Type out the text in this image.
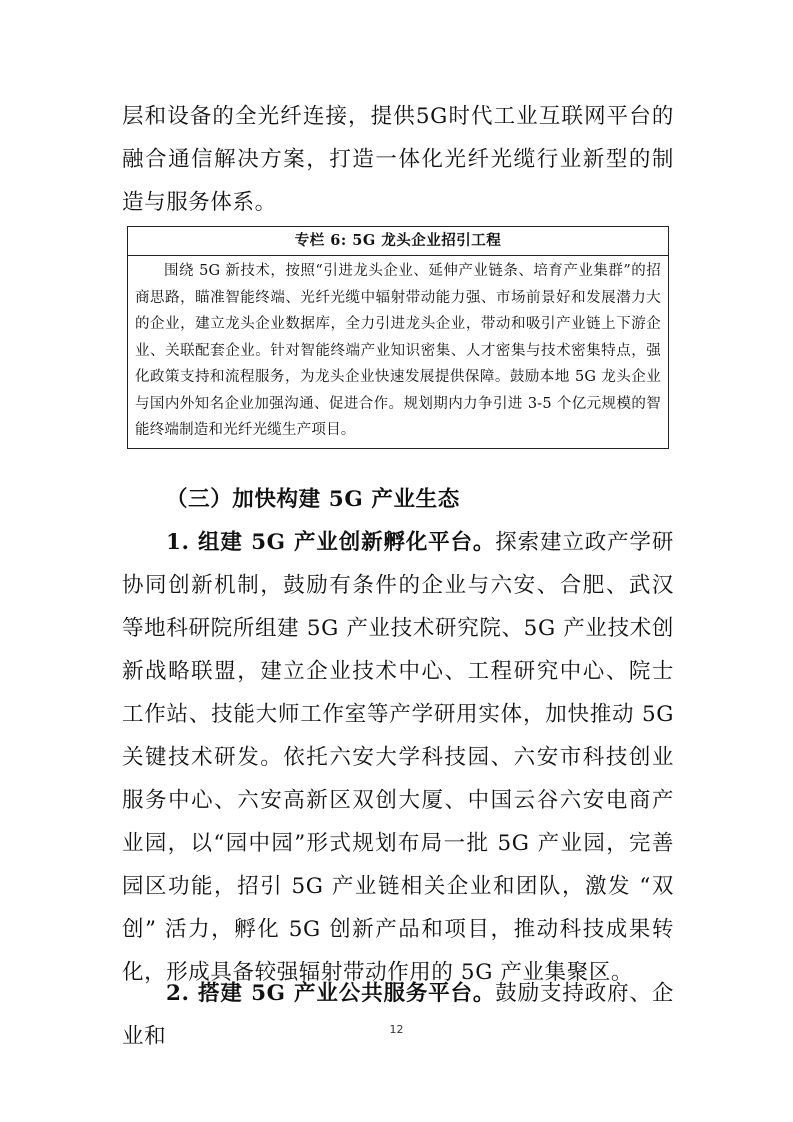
层和设备的全光纤连接，提供5G时代工业互联网平台的融合通信解决方案，打造一体化光纤光缆行业新型的制造与服务体系。
专栏 6: 5G 龙头企业招引工程
围绕 5G 新技术，按照“引进龙头企业、延伸产业链条、培育产业集群”的招商思路，瞄准智能终端、光纤光缆中辐射带动能力强、市场前景好和发展潜力大的企业，建立龙头企业数据库，全力引进龙头企业，带动和吸引产业链上下游企业、关联配套企业。针对智能终端产业知识密集、人才密集与技术密集特点，强化政策支持和流程服务，为龙头企业快速发展提供保障。鼓励本地 5G 龙头企业与国内外知名企业加强沟通、促进合作。规划期内力争引进 3-5 个亿元规模的智能终端制造和光纤光缆生产项目。
（三）加快构建 5G 产业生态
1. 组建 5G 产业创新孵化平台。探索建立政产学研协同创新机制，鼓励有条件的企业与六安、合肥、武汉等地科研院所组建 5G 产业技术研究院、5G 产业技术创新战略联盟，建立企业技术中心、工程研究中心、院士工作站、技能大师工作室等产学研用实体，加快推动 5G 关键技术研发。依托六安大学科技园、六安市科技创业服务中心、六安高新区双创大厦、中国云谷六安电商产业园，以“园中园”形式规划布局一批 5G 产业园，完善园区功能，招引 5G 产业链相关企业和团队，激发 “双创” 活力，孵化 5G 创新产品和项目，推动科技成果转化，形成具备较强辐射带动作用的 5G 产业集聚区。
2. 搭建 5G 产业公共服务平台。鼓励支持政府、企业和	12
